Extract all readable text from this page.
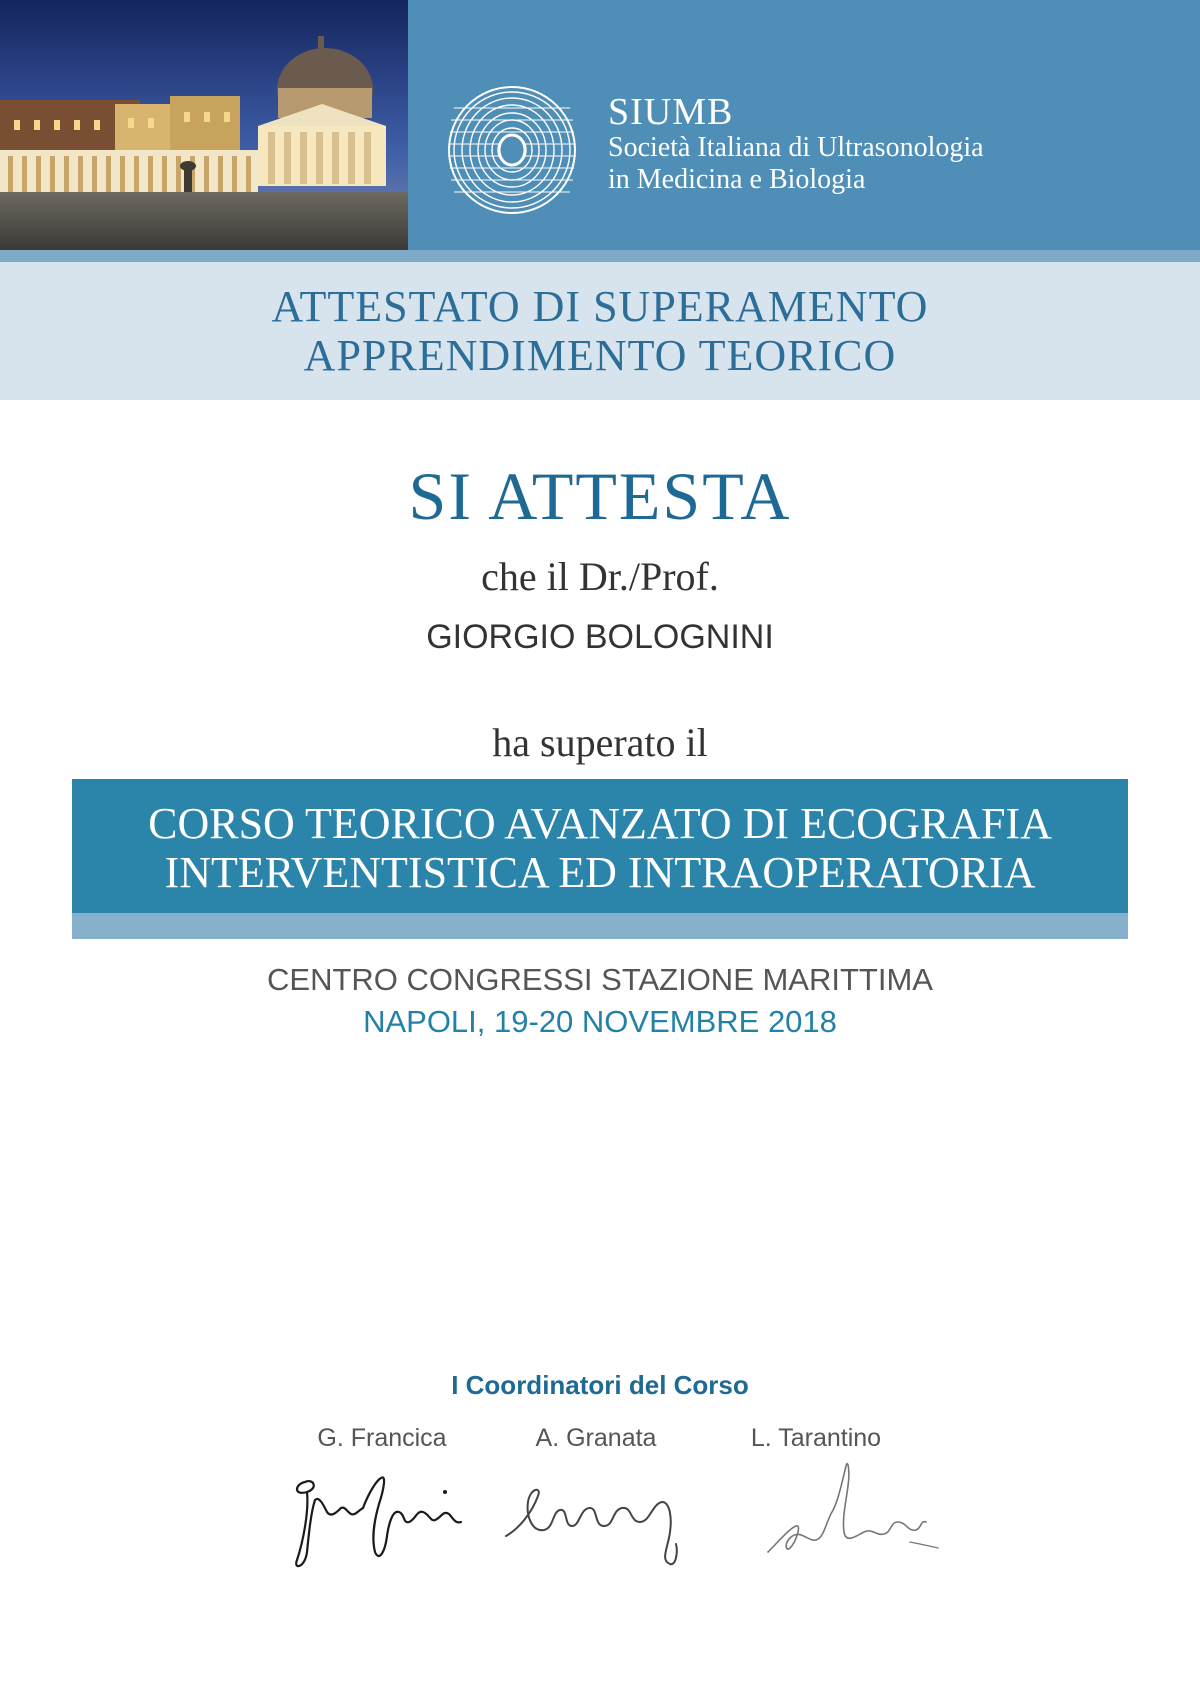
SIUMB
Società Italiana di Ultrasonologia
in Medicina e Biologia
ATTESTATO DI SUPERAMENTO
APPRENDIMENTO TEORICO
SI ATTESTA
che il Dr./Prof.
GIORGIO BOLOGNINI
ha superato il
CORSO TEORICO AVANZATO DI ECOGRAFIA
INTERVENTISTICA ED INTRAOPERATORIA
CENTRO CONGRESSI STAZIONE MARITTIMA
NAPOLI, 19-20 NOVEMBRE 2018
I Coordinatori del Corso
G. Francica	A. Granata	L. Tarantino
